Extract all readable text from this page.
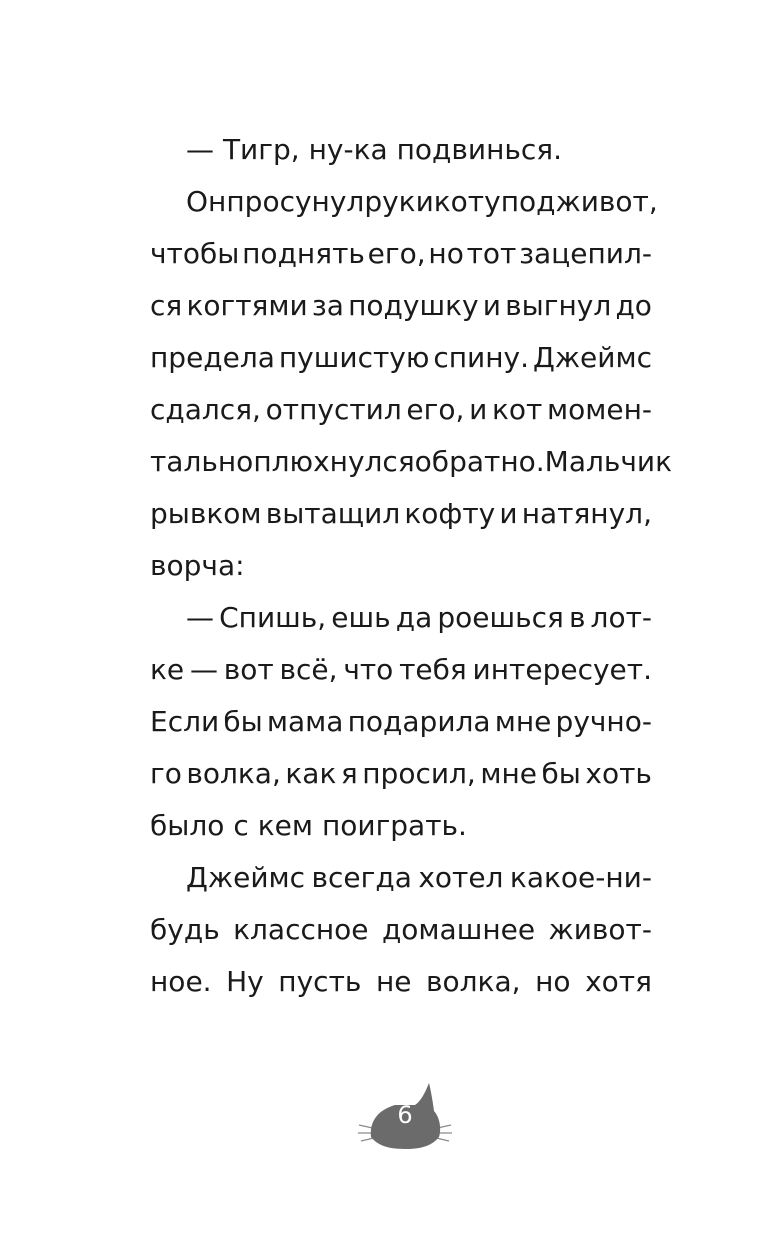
— Тигр, ну-ка подвинься.
Он просунул руки коту под живот,
чтобы поднять его, но тот зацепил-
ся когтями за подушку и выгнул до
предела пушистую спину. Джеймс
сдался, отпустил его, и кот момен-
тально плюхнулся обратно. Мальчик
рывком вытащил кофту и натянул,
ворча:
— Спишь, ешь да роешься в лот-
ке — вот всё, что тебя интересует.
Если бы мама подарила мне ручно-
го волка, как я просил, мне бы хоть
было с кем поиграть.
Джеймс всегда хотел какое-ни-
будь классное домашнее живот-
ное. Ну пусть не волка, но хотя
6
